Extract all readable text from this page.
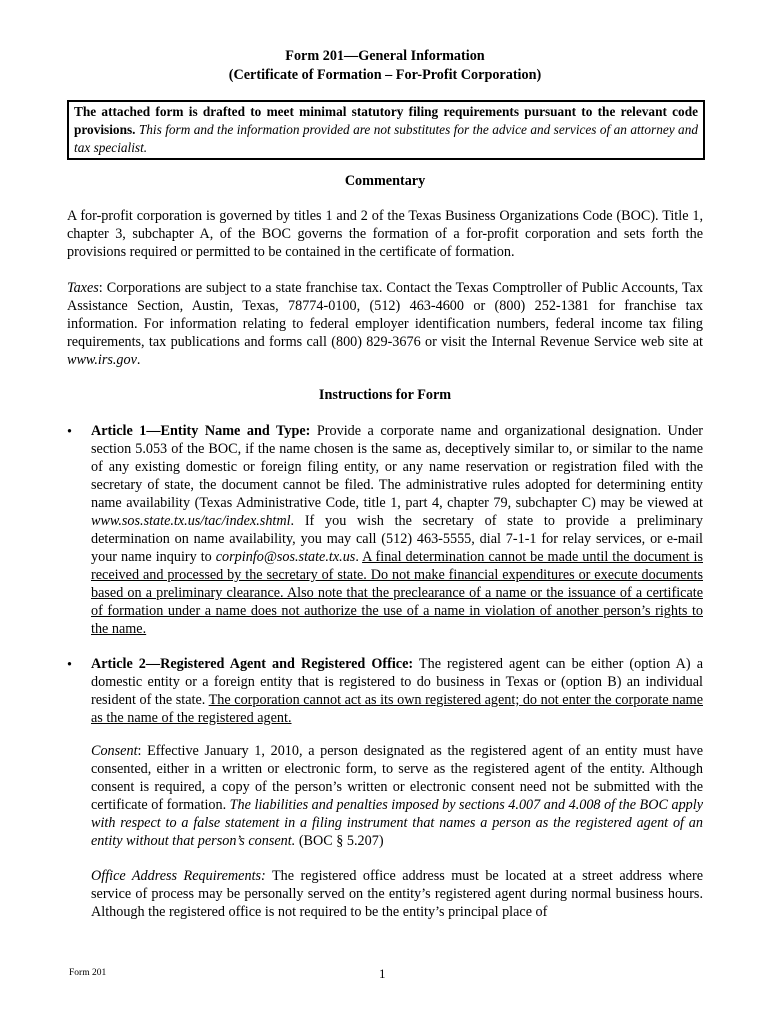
Form 201—General Information
(Certificate of Formation – For-Profit Corporation)
The attached form is drafted to meet minimal statutory filing requirements pursuant to the relevant code provisions. This form and the information provided are not substitutes for the advice and services of an attorney and tax specialist.
Commentary
A for-profit corporation is governed by titles 1 and 2 of the Texas Business Organizations Code (BOC). Title 1, chapter 3, subchapter A, of the BOC governs the formation of a for-profit corporation and sets forth the provisions required or permitted to be contained in the certificate of formation.
Taxes: Corporations are subject to a state franchise tax. Contact the Texas Comptroller of Public Accounts, Tax Assistance Section, Austin, Texas, 78774-0100, (512) 463-4600 or (800) 252-1381 for franchise tax information. For information relating to federal employer identification numbers, federal income tax filing requirements, tax publications and forms call (800) 829-3676 or visit the Internal Revenue Service web site at www.irs.gov.
Instructions for Form
• Article 1—Entity Name and Type: Provide a corporate name and organizational designation. Under section 5.053 of the BOC, if the name chosen is the same as, deceptively similar to, or similar to the name of any existing domestic or foreign filing entity, or any name reservation or registration filed with the secretary of state, the document cannot be filed. The administrative rules adopted for determining entity name availability (Texas Administrative Code, title 1, part 4, chapter 79, subchapter C) may be viewed at www.sos.state.tx.us/tac/index.shtml. If you wish the secretary of state to provide a preliminary determination on name availability, you may call (512) 463-5555, dial 7-1-1 for relay services, or e-mail your name inquiry to corpinfo@sos.state.tx.us. A final determination cannot be made until the document is received and processed by the secretary of state. Do not make financial expenditures or execute documents based on a preliminary clearance. Also note that the preclearance of a name or the issuance of a certificate of formation under a name does not authorize the use of a name in violation of another person’s rights to the name.
• Article 2—Registered Agent and Registered Office: The registered agent can be either (option A) a domestic entity or a foreign entity that is registered to do business in Texas or (option B) an individual resident of the state. The corporation cannot act as its own registered agent; do not enter the corporate name as the name of the registered agent.
Consent: Effective January 1, 2010, a person designated as the registered agent of an entity must have consented, either in a written or electronic form, to serve as the registered agent of the entity. Although consent is required, a copy of the person’s written or electronic consent need not be submitted with the certificate of formation. The liabilities and penalties imposed by sections 4.007 and 4.008 of the BOC apply with respect to a false statement in a filing instrument that names a person as the registered agent of an entity without that person’s consent. (BOC § 5.207)
Office Address Requirements: The registered office address must be located at a street address where service of process may be personally served on the entity’s registered agent during normal business hours. Although the registered office is not required to be the entity’s principal place of
Form 201	1
